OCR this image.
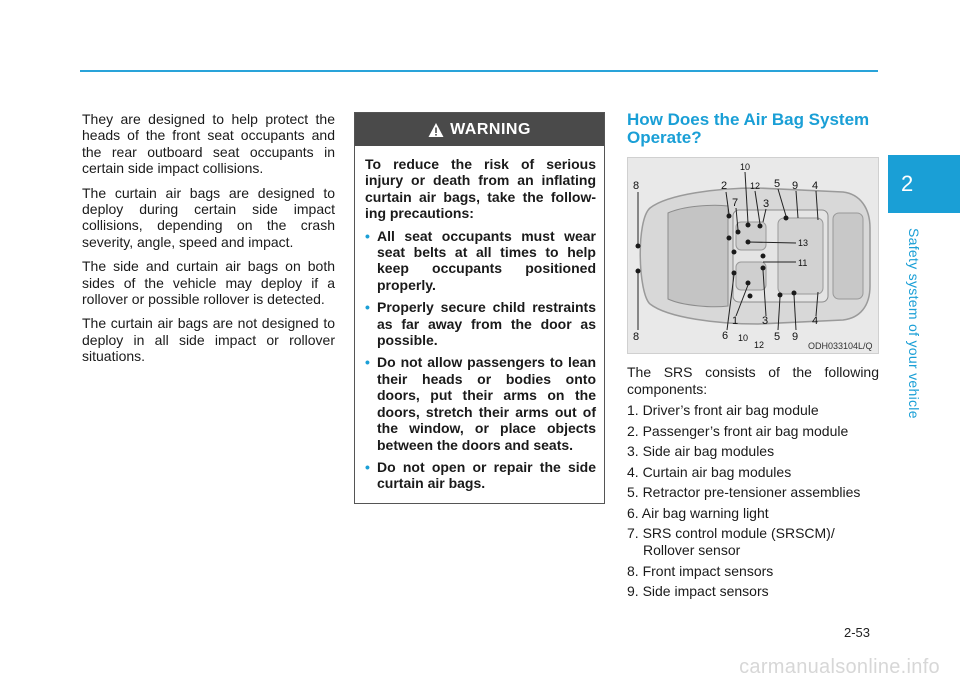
2
Safety system of your vehicle

They are designed to help protect the heads of the front seat occupants and the rear outboard seat occupants in certain side impact collisions.

The curtain air bags are designed to deploy during certain side impact collisions, depending on the crash severity, angle, speed and impact.

The side and curtain air bags on both sides of the vehicle may deploy if a rollover or possible rollover is detected.

The curtain air bags are not designed to deploy in all side impact or rollover situations.

WARNING

To reduce the risk of serious injury or death from an inflating curtain air bags, take the follow-ing precautions:

• All seat occupants must wear seat belts at all times to help keep occupants positioned properly.
• Properly secure child restraints as far away from the door as possible.
• Do not allow passengers to lean their heads or bodies onto doors, put their arms on the doors, stretch their arms out of the window, or place objects between the doors and seats.
• Do not open or repair the side curtain air bags.
How Does the Air Bag System Operate?
8	2
10
12 5 9 4
7 3
13
11
8	6
1
10
12
3
5 9
4
ODH033104L/Q

The SRS consists of the following components:

1. Driver’s front air bag module
2. Passenger’s front air bag module
3. Side air bag modules
4. Curtain air bag modules
5. Retractor pre-tensioner assemblies
6. Air bag warning light
7. SRS control module (SRSCM)/
Rollover sensor
8. Front impact sensors
9. Side impact sensors
2-53
carmanualsonline.info
